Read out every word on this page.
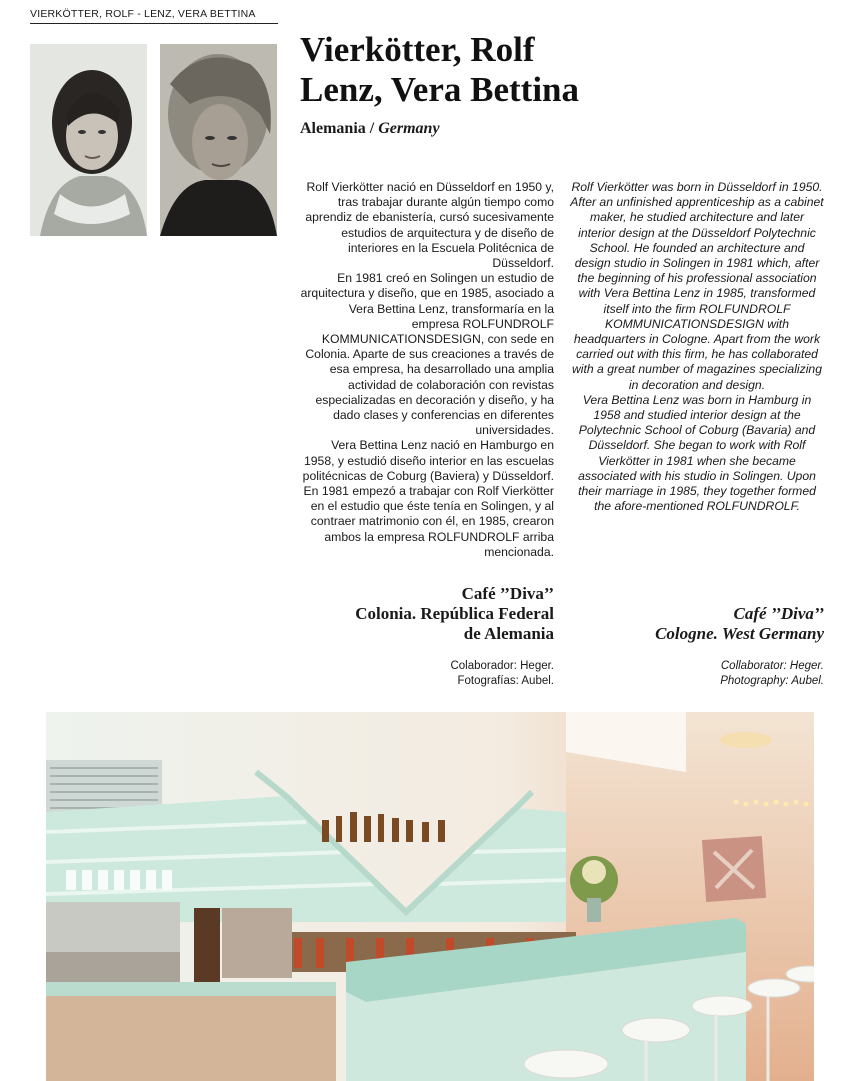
VIERKÖTTER, ROLF - LENZ, VERA BETTINA
Vierkötter, Rolf
Lenz, Vera Bettina
Alemania / Germany

Rolf Vierkötter nació en Düsseldorf en 1950 y, tras trabajar durante algún tiempo como aprendiz de ebanistería, cursó sucesivamente estudios de arquitectura y de diseño de interiores en la Escuela Politécnica de Düsseldorf.

En 1981 creó en Solingen un estudio de arquitectura y diseño, que en 1985, asociado a Vera Bettina Lenz, transformaría en la empresa ROLFUNDROLF KOMMUNICATIONSDESIGN, con sede en Colonia. Aparte de sus creaciones a través de esa empresa, ha desarrollado una amplia actividad de colaboración con revistas especializadas en decoración y diseño, y ha dado clases y conferencias en diferentes universidades.

Vera Bettina Lenz nació en Hamburgo en 1958, y estudió diseño interior en las escuelas politécnicas de Coburg (Baviera) y Düsseldorf. En 1981 empezó a trabajar con Rolf Vierkötter en el estudio que éste tenía en Solingen, y al contraer matrimonio con él, en 1985, crearon ambos la empresa ROLFUNDROLF arriba mencionada.

Rolf Vierkötter was born in Düsseldorf in 1950. After an unfinished apprenticeship as a cabinet maker, he studied architecture and later interior design at the Düsseldorf Polytechnic School. He founded an architecture and design studio in Solingen in 1981 which, after the beginning of his professional association with Vera Bettina Lenz in 1985, transformed itself into the firm ROLFUNDROLF KOMMUNICATIONSDESIGN with headquarters in Cologne. Apart from the work carried out with this firm, he has collaborated with a great number of magazines specializing in decoration and design.

Vera Bettina Lenz was born in Hamburg in 1958 and studied interior design at the Polytechnic School of Coburg (Bavaria) and Düsseldorf. She began to work with Rolf Vierkötter in 1981 when she became associated with his studio in Solingen. Upon their marriage in 1985, they together formed the afore-mentioned ROLFUNDROLF.

Café ’’Diva’’
Colonia. República Federal
de Alemania
Café ’’Diva’’
Cologne. West Germany
Colaborador: Heger.
Fotografías: Aubel.
Collaborator: Heger.
Photography: Aubel.
